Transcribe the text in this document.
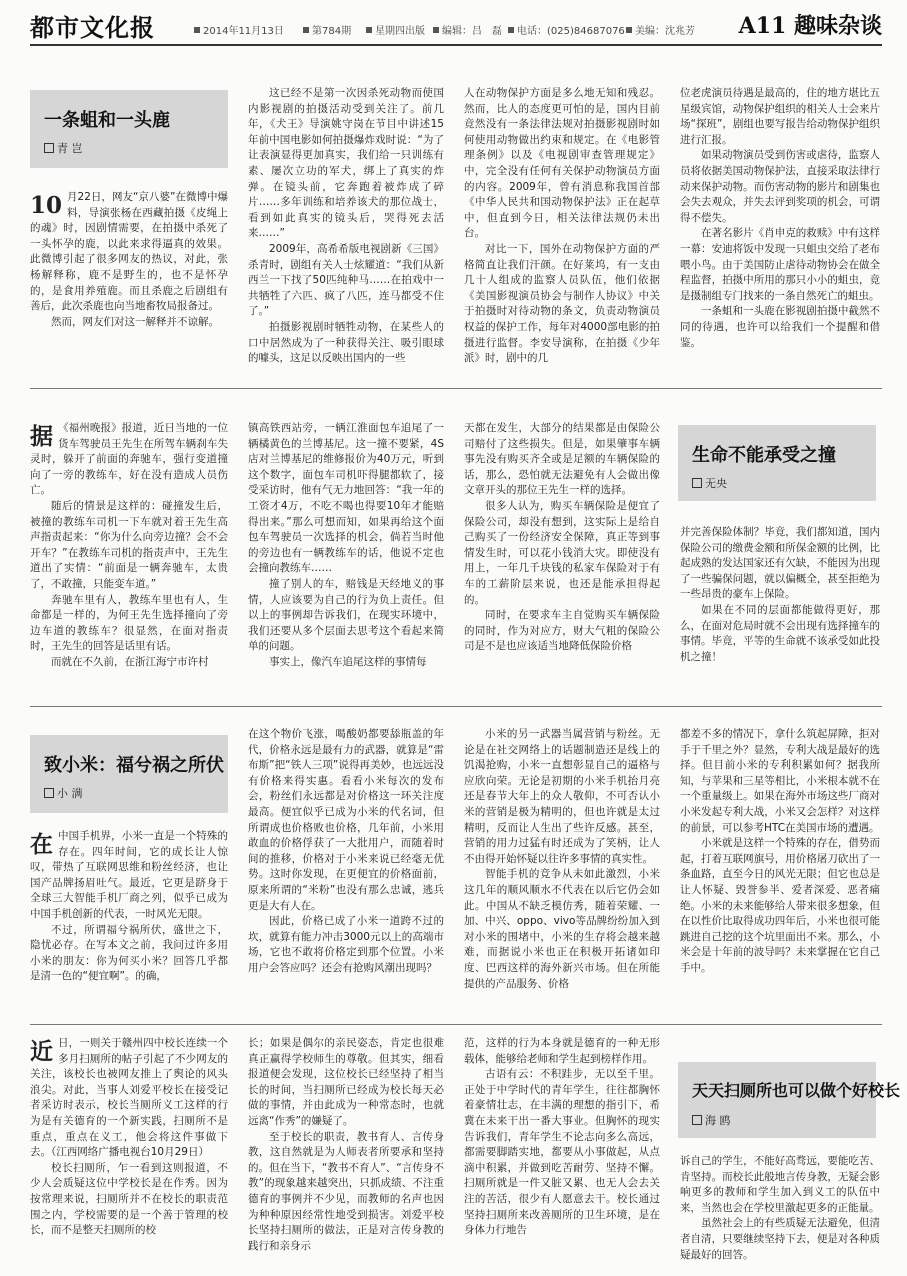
都市文化报	2014年11月13日	第784期	星期四出版	编辑：吕　磊	电话：(025)84687076	美编：沈兆芳 A11 趣味杂谈
一条蛆和一头鹿
青 岂

10 月22日，网友“京八婆”在微博中爆料，导演张杨在西藏拍摄《皮绳上的魂》时，因剧情需要，在拍摄中杀死了一头怀孕的鹿，以此来求得逼真的效果。此微博引起了很多网友的热议，对此，张杨解释称，鹿不是野生的，也不是怀孕的，是食用养殖鹿。而且杀鹿之后剧组有善后，此次杀鹿也向当地畜牧局报备过。

然而，网友们对这一解释并不谅解。

这已经不是第一次因杀死动物而使国内影视剧的拍摄活动受到关注了。前几年，《犬王》导演姚守岗在节目中讲述15年前中国电影如何拍摄爆炸戏时说：“为了让表演显得更加真实，我们给一只训练有素、屡次立功的军犬，绑上了真实的炸弹。在镜头前，它奔跑着被炸成了碎片……多年训练和培养该犬的那位战士，看到如此真实的镜头后，哭得死去活来……”

2009年，高希希版电视剧新《三国》杀青时，剧组有关人士炫耀道：“我们从新西兰一下找了50匹纯种马……在拍戏中一共牺牲了六匹、疯了八匹，连马都受不住了。”

拍摄影视剧时牺牲动物，在某些人的口中居然成为了一种获得关注、吸引眼球的噱头，这足以反映出国内的一些

人在动物保护方面是多么地无知和残忍。然而，比人的态度更可怕的是，国内目前竟然没有一条法律法规对拍摄影视剧时如何使用动物做出约束和规定。在《电影管理条例》以及《电视剧审查管理规定》中，完全没有任何有关保护动物演员方面的内容。2009年，曾有消息称我国首部《中华人民共和国动物保护法》正在起草中，但直到今日，相关法律法规仍未出台。

对比一下，国外在动物保护方面的严格简直让我们汗颜。在好莱坞，有一支由几十人组成的监察人员队伍，他们依据《美国影视演员协会与制作人协议》中关于拍摄时对待动物的条文，负责动物演员权益的保护工作，每年对4000部电影的拍摄进行监督。李安导演称，在拍摄《少年派》时，剧中的几

位老虎演员待遇是最高的，住的地方堪比五星级宾馆，动物保护组织的相关人士会来片场“探班”，剧组也要写报告给动物保护组织进行汇报。

如果动物演员受到伤害或虐待，监察人员将依据美国动物保护法，直接采取法律行动来保护动物。而伤害动物的影片和剧集也会失去观众，并失去评到奖项的机会，可谓得不偿失。

在著名影片《肖申克的救赎》中有这样一幕：安迪将饭中发现一只蛆虫交给了老布喂小鸟。由于美国防止虐待动物协会在做全程监督，拍摄中所用的那只小小的蛆虫，竟是摄制组专门找来的一条自然死亡的蛆虫。

一条蛆和一头鹿在影视剧拍摄中截然不同的待遇，也许可以给我们一个提醒和借鉴。

据 《福州晚报》报道，近日当地的一位货车驾驶员王先生在所驾车辆刹车失灵时，躲开了前面的奔驰车，强行变道撞向了一旁的教练车，好在没有造成人员伤亡。

随后的情景是这样的：碰撞发生后，被撞的教练车司机一下车就对着王先生高声指责起来：“你为什么向旁边撞？会不会开车？”在教练车司机的指责声中，王先生道出了实情：“前面是一辆奔驰车，太贵了，不敢撞，只能变车道。”

奔驰车里有人，教练车里也有人，生命都是一样的，为何王先生选择撞向了旁边车道的教练车？很显然，在面对指责时，王先生的回答是话里有话。

而就在不久前，在浙江海宁市许村

镇高铁西站旁，一辆江淮面包车追尾了一辆橘黄色的兰博基尼。这一撞不要紧，4S店对兰博基尼的维修报价为40万元，听到这个数字，面包车司机吓得腿都软了，接受采访时，他有气无力地回答：“我一年的工资才4万，不吃不喝也得要10年才能赔得出来。”那么可想而知，如果再给这个面包车驾驶员一次选择的机会，倘若当时他的旁边也有一辆教练车的话，他说不定也会撞向教练车……

撞了别人的车，赔钱是天经地义的事情，人应该要为自己的行为负上责任。但以上的事例却告诉我们，在现实环境中，我们还要从多个层面去思考这个看起来简单的问题。

事实上，像汽车追尾这样的事情每

天都在发生，大部分的结果都是由保险公司赔付了这些损失。但是，如果肇事车辆事先没有购买齐全或是足额的车辆保险的话，那么，恐怕就无法避免有人会做出像文章开头的那位王先生一样的选择。

很多人认为，购买车辆保险是便宜了保险公司，却没有想到，这实际上是给自己购买了一份经济安全保障，真正等到事情发生时，可以花小钱消大灾。即使没有用上，一年几千块钱的私家车保险对于有车的工薪阶层来说，也还是能承担得起的。

同时，在要求车主自觉购买车辆保险的同时，作为对应方，财大气粗的保险公司是不是也应该适当地降低保险价格

生命不能承受之撞
无央

并完善保险体制？毕竟，我们都知道，国内保险公司的缴费金额和所保金额的比例，比起成熟的发达国家还有欠缺，不能因为出现了一些骗保问题，就以偏概全，甚至拒绝为一些昂贵的豪车上保险。

如果在不同的层面都能做得更好，那么，在面对危局时就不会出现有选择撞车的事情。毕竟，平等的生命就不该承受如此投机之撞！

致小米：福兮祸之所伏
小 满

在中国手机界，小米一直是一个特殊的存在。四年时间，它的成长让人惊叹，带热了互联网思维和粉丝经济，也让国产品牌扬眉吐气。最近，它更是跻身于全球三大智能手机厂商之列，似乎已成为中国手机创新的代表，一时风光无限。

不过，所谓福兮祸所伏，盛世之下，隐忧必存。在写本文之前，我问过许多用小米的朋友：你为何买小米？回答几乎都是清一色的“便宜啊”。的确，

在这个物价飞涨，喝酸奶都要舔瓶盖的年代，价格永远是最有力的武器，就算是“雷布斯”把“铁人三项”说得再美妙，也远远没有价格来得实惠。看看小米每次的发布会，粉丝们永远都是对价格这一环关注度最高。便宜似乎已成为小米的代名词，但所谓成也价格败也价格，几年前，小米用敢血的价格俘获了一大批用户，而随着时间的推移，价格对于小米来说已经毫无优势。这时你发现，在更便宜的价格面前，原来所谓的“米粉”也没有那么忠诚，逃兵更是大有人在。

因此，价格已成了小米一道跨不过的坎，就算有能力冲击3000元以上的高端市场，它也不敢将价格定到那个位置。小米用户会答应吗？还会有抢购风潮出现吗？

小米的另一武器当属营销与粉丝。无论是在社交网络上的话题制造还是线上的饥渴抢购，小米一直想彰显自己的逼格与应欣向荣。无论是初期的小米手机抬月亮还是春节大年上的众人敬仰，不可否认小米的营销是极为精明的，但也许就是太过精明，反而让人生出了些许反感。甚至，营销的用力过猛有时还成为了笑柄，让人不由得开始怀疑以往许多事情的真实性。

智能手机的竞争从未如此激烈，小米这几年的顺风顺水不代表在以后它仍会如此。中国从不缺乏模仿秀，随着荣耀、一加、中兴、oppo、vivo等品牌纷纷加入到对小米的围堵中，小米的生存将会越来越难，而据说小米也正在积极开拓诸如印度、巴西这样的海外新兴市场。但在所能提供的产品服务、价格

都差不多的情况下，拿什么筑起屏障，拒对手于千里之外？显然，专利大战是最好的选择。但目前小米的专利积累如何？据我所知，与苹果和三星等相比，小米根本就不在一个重量级上。如果在海外市场这些厂商对小米发起专利大战，小米又会怎样？对这样的前景，可以参考HTC在美国市场的遭遇。

小米就是这样一个特殊的存在，借势而起，打着互联网旗号，用价格屠刀砍出了一条血路，直至今日的风光无限；但它也总是让人怀疑、毁誉参半、爱者深爱、恶者痛绝。小米的未来能够给人带来很多想象，但在以性价比取得成功四年后，小米也很可能跳进自己挖的这个坑里面出不来。那么，小米会是十年前的波导吗？未来掌握在它自己手中。

近日，一则关于赣州四中校长连续一个多月扫厕所的帖子引起了不少网友的关注，该校长也被网友推上了舆论的风头浪尖。对此，当事人刘爱平校长在接受记者采访时表示，校长当厕所义工这样的行为是有关德育的一个新实践，扫厕所不是重点，重点在义工，他会将这件事做下去。（江西网络广播电视台10月29日）

校长扫厕所，乍一看到这则报道，不少人会质疑这位中学校长是在作秀。因为按常理来说，扫厕所并不在校长的职责范围之内，学校需要的是一个善于管理的校长，而不是整天扫厕所的校

长；如果是偶尔的亲民姿态，肯定也很难真正赢得学校师生的尊敬。但其实，细看报道便会发现，这位校长已经坚持了相当长的时间，当扫厕所已经成为校长每天必做的事情，并由此成为一种常态时，也就远离“作秀”的嫌疑了。

至于校长的职责，教书育人、言传身教，这自然就是为人师表者所要承和坚持的。但在当下，“教书不育人”、“言传身不教”的现象越来越突出，只抓成绩、不注重德育的事例并不少见，而教师的名声也因为种种原因经常性地受到损害。刘爱平校长坚持扫厕所的做法，正是对言传身教的践行和亲身示

范，这样的行为本身就是德育的一种无形载体，能够给老师和学生起到榜样作用。

古语有云：不积跬步，无以至千里。正处于中学时代的青年学生，往往都胸怀着豪情壮志，在丰满的理想的指引下，希冀在未来干出一番大事业。但胸怀的现实告诉我们，青年学生不论志向多么高远，都需要脚踏实地，都要从小事做起，从点滴中积累，并做到吃苦耐劳、坚持不懈。扫厕所就是一件又脏又累、也无人会去关注的苦活，很少有人愿意去干。校长通过坚持扫厕所来改善厕所的卫生环境，是在身体力行地告

天天扫厕所也可以做个好校长
海 鸥

诉自己的学生，不能好高骛远，要能吃苦、肯坚持。而校长此般地言传身教，无疑会影响更多的教师和学生加入到义工的队伍中来，当然也会在学校里激起更多的正能量。

虽然社会上的有些质疑无法避免，但清者自清，只要继续坚持下去，便是对各种质疑最好的回答。
